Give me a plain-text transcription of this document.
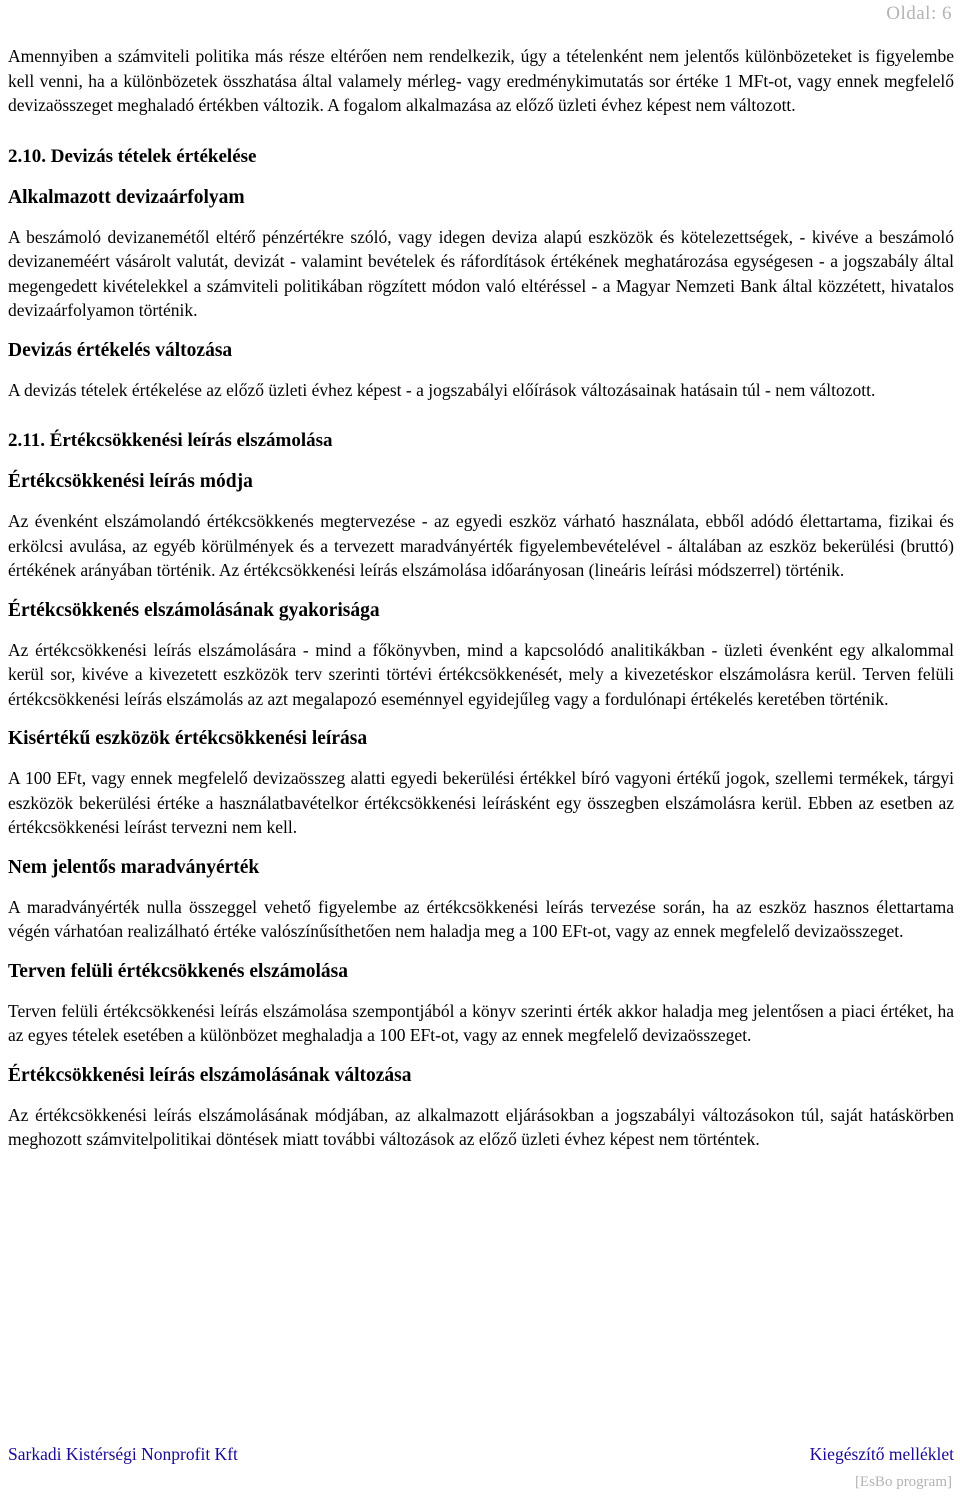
Oldal: 6

Amennyiben a számviteli politika más része eltérően nem rendelkezik, úgy a tételenként nem jelentős különbözeteket is figyelembe kell venni, ha a különbözetek összhatása által valamely mérleg- vagy eredménykimutatás sor értéke 1 MFt-ot, vagy ennek megfelelő devizaösszeget meghaladó értékben változik. A fogalom alkalmazása az előző üzleti évhez képest nem változott.

2.10. Devizás tételek értékelése
Alkalmazott devizaárfolyam

A beszámoló devizanemétől eltérő pénzértékre szóló, vagy idegen deviza alapú eszközök és kötelezettségek, - kivéve a beszámoló devizaneméért vásárolt valutát, devizát - valamint bevételek és ráfordítások értékének meghatározása egységesen - a jogszabály által megengedett kivételekkel a számviteli politikában rögzített módon való eltéréssel - a Magyar Nemzeti Bank által közzétett, hivatalos devizaárfolyamon történik.

Devizás értékelés változása

A devizás tételek értékelése az előző üzleti évhez képest - a jogszabályi előírások változásainak hatásain túl - nem változott.

2.11. Értékcsökkenési leírás elszámolása
Értékcsökkenési leírás módja

Az évenként elszámolandó értékcsökkenés megtervezése - az egyedi eszköz várható használata, ebből adódó élettartama, fizikai és erkölcsi avulása, az egyéb körülmények és a tervezett maradványérték figyelembevételével - általában az eszköz bekerülési (bruttó) értékének arányában történik. Az értékcsökkenési leírás elszámolása időarányosan (lineáris leírási módszerrel) történik.

Értékcsökkenés elszámolásának gyakorisága

Az értékcsökkenési leírás elszámolására - mind a főkönyvben, mind a kapcsolódó analitikákban - üzleti évenként egy alkalommal kerül sor, kivéve a kivezetett eszközök terv szerinti törtévi értékcsökkenését, mely a kivezetéskor elszámolásra kerül. Terven felüli értékcsökkenési leírás elszámolás az azt megalapozó eseménnyel egyidejűleg vagy a fordulónapi értékelés keretében történik.

Kisértékű eszközök értékcsökkenési leírása

A 100 EFt, vagy ennek megfelelő devizaösszeg alatti egyedi bekerülési értékkel bíró vagyoni értékű jogok, szellemi termékek, tárgyi eszközök bekerülési értéke a használatbavételkor értékcsökkenési leírásként egy összegben elszámolásra kerül. Ebben az esetben az értékcsökkenési leírást tervezni nem kell.

Nem jelentős maradványérték

A maradványérték nulla összeggel vehető figyelembe az értékcsökkenési leírás tervezése során, ha az eszköz hasznos élettartama végén várhatóan realizálható értéke valószínűsíthetően nem haladja meg a 100 EFt-ot, vagy az ennek megfelelő devizaösszeget.

Terven felüli értékcsökkenés elszámolása

Terven felüli értékcsökkenési leírás elszámolása szempontjából a könyv szerinti érték akkor haladja meg jelentősen a piaci értéket, ha az egyes tételek esetében a különbözet meghaladja a 100 EFt-ot, vagy az ennek megfelelő devizaösszeget.

Értékcsökkenési leírás elszámolásának változása

Az értékcsökkenési leírás elszámolásának módjában, az alkalmazott eljárásokban a jogszabályi változásokon túl, saját hatáskörben meghozott számvitelpolitikai döntések miatt további változások az előző üzleti évhez képest nem történtek.

Sarkadi Kistérségi Nonprofit Kft	Kiegészítő melléklet
[EsBo program]
